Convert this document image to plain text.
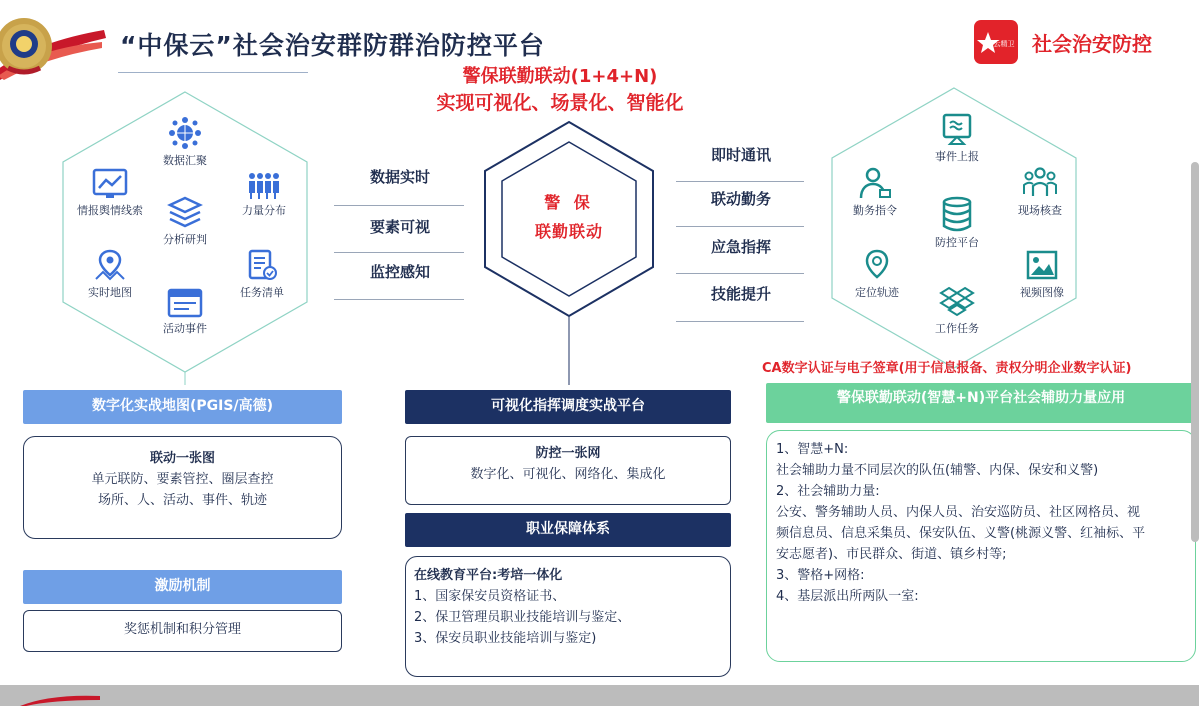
“中保云”社会治安群防群治防控平台	云精卫 社会治安防控
警保联勤联动(1+4+N)
实现可视化、场景化、智能化
数据汇聚
情报舆情线索	力量分布
分析研判
实时地图	任务清单
活动事件
数据实时
要素可视
监控感知
警 保
联勤联动
即时通讯
联动勤务
应急指挥
技能提升
事件上报
勤务指令	现场核查
防控平台
定位轨迹	视频图像
工作任务
CA数字认证与电子签章(用于信息报备、责权分明企业数字认证)
数字化实战地图(PGIS/高德)
联动一张图
单元联防、要素管控、圈层查控
场所、人、活动、事件、轨迹
激励机制
奖惩机制和积分管理
可视化指挥调度实战平台
防控一张网
数字化、可视化、网络化、集成化
职业保障体系
在线教育平台:考培一体化
1、国家保安员资格证书、
2、保卫管理员职业技能培训与鉴定、
3、保安员职业技能培训与鉴定)
警保联勤联动(智慧+N)平台社会辅助力量应用
1、智慧+N:
社会辅助力量不同层次的队伍(辅警、内保、保安和义警)
2、社会辅助力量:
公安、警务辅助人员、内保人员、治安巡防员、社区网格员、视
频信息员、信息采集员、保安队伍、义警(桃源义警、红袖标、平
安志愿者)、市民群众、街道、镇乡村等;
3、警格+网格:
4、基层派出所两队一室:
